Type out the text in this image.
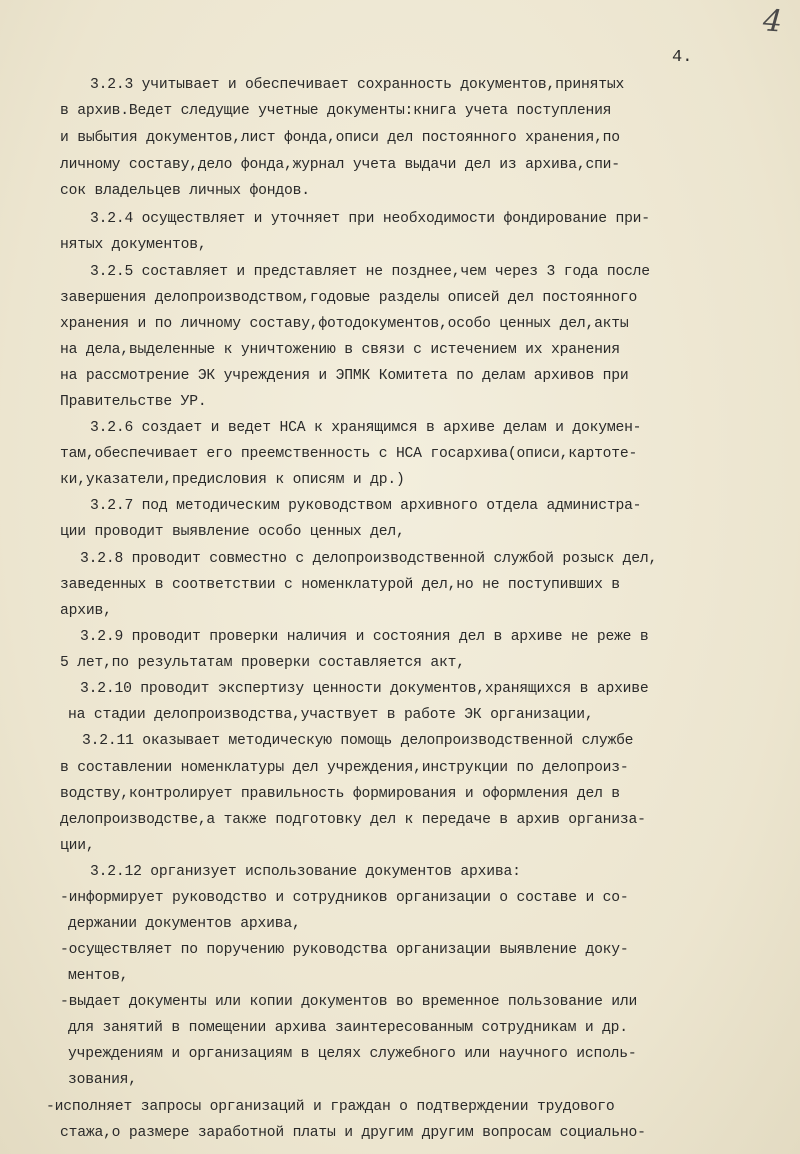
4
4.
3.2.3 учитывает и обеспечивает сохранность документов,принятых
в архив.Ведет следущие учетные документы:книга учета поступления
и выбытия документов,лист фонда,описи дел постоянного хранения,по
личному составу,дело фонда,журнал учета выдачи дел из архива,спи-
сок владельцев личных фондов.
3.2.4 осуществляет и уточняет при необходимости фондирование при-
нятых документов,
3.2.5 составляет и представляет не позднее,чем через 3 года после
завершения делопроизводством,годовые разделы описей дел постоянного
хранения и по личному составу,фотодокументов,особо ценных дел,акты
на дела,выделенные к уничтожению в связи с истечением их хранения
на рассмотрение ЭК учреждения и ЭПМК Комитета по делам архивов при
Правительстве УР.
3.2.6 создает и ведет НСА к хранящимся в архиве делам и докумен-
там,обеспечивает его преемственность с НСА госархива(описи,картоте-
ки,указатели,предисловия к описям и др.)
3.2.7 под методическим руководством архивного отдела администра-
ции проводит выявление особо ценных дел,
3.2.8 проводит совместно с делопроизводственной службой розыск дел,
заведенных в соответствии с номенклатурой дел,но не поступивших в
архив,
3.2.9 проводит проверки наличия и состояния дел в архиве не реже в
5 лет,по результатам проверки составляется акт,
3.2.10 проводит экспертизу ценности документов,хранящихся в архиве
на стадии делопроизводства,участвует в работе ЭК организации,
3.2.11 оказывает методическую помощь делопроизводственной службе
в составлении номенклатуры дел учреждения,инструкции по делопроиз-
водству,контролирует правильность формирования и оформления дел в
делопроизводстве,а также подготовку дел к передаче в архив организа-
ции,
3.2.12 организует использование документов архива:
-информирует руководство и сотрудников организации о составе и со-
держании документов архива,
-осуществляет по поручению руководства организации выявление доку-
ментов,
-выдает документы или копии документов во временное пользование или
для занятий в помещении архива заинтересованным сотрудникам и др.
учреждениям и организациям в целях служебного или научного исполь-
зования,
-исполняет запросы организаций и граждан о подтверждении трудового
стажа,о размере заработной платы и другим другим вопросам социально-
